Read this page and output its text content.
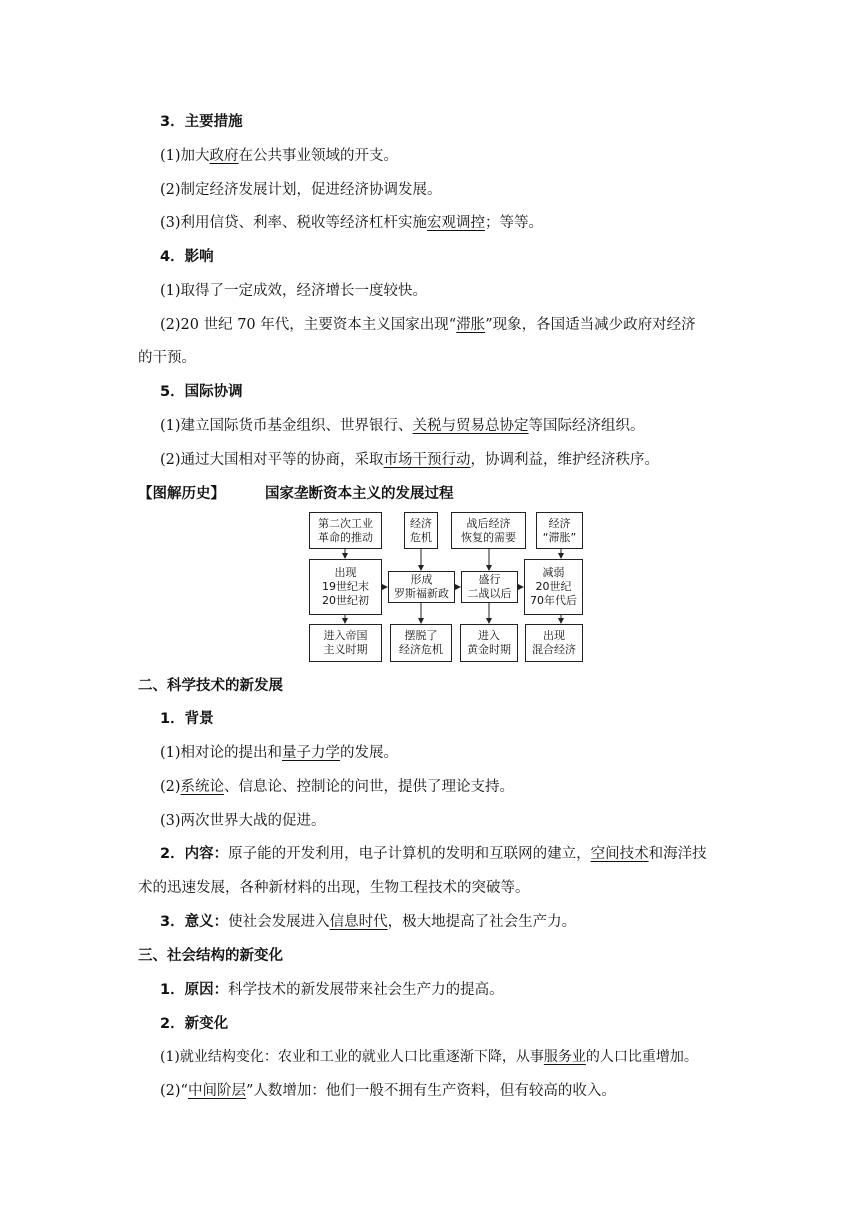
3．主要措施
(1)加大政府在公共事业领域的开支。
(2)制定经济发展计划，促进经济协调发展。
(3)利用信贷、利率、税收等经济杠杆实施宏观调控；等等。
4．影响
(1)取得了一定成效，经济增长一度较快。
(2)20 世纪 70 年代，主要资本主义国家出现“滞胀”现象，各国适当减少政府对经济
的干预。
5．国际协调
(1)建立国际货币基金组织、世界银行、关税与贸易总协定等国际经济组织。
(2)通过大国相对平等的协商，采取市场干预行动，协调利益，维护经济秩序。
【图解历史】	国家垄断资本主义的发展过程
第二次工业
革命的推动
出现
19世纪末
20世纪初
进入帝国
主义时期
经济
危机
形成
罗斯福新政
摆脱了
经济危机
战后经济
恢复的需要
盛行
二战以后
进入
黄金时期
经济
“滞胀”
减弱
20世纪
70年代后
出现
混合经济
二、科学技术的新发展
1．背景
(1)相对论的提出和量子力学的发展。
(2)系统论、信息论、控制论的问世，提供了理论支持。
(3)两次世界大战的促进。
2．内容：原子能的开发利用，电子计算机的发明和互联网的建立，空间技术和海洋技
术的迅速发展，各种新材料的出现，生物工程技术的突破等。
3．意义：使社会发展进入信息时代，极大地提高了社会生产力。
三、社会结构的新变化
1．原因：科学技术的新发展带来社会生产力的提高。
2．新变化
(1)就业结构变化：农业和工业的就业人口比重逐渐下降，从事服务业的人口比重增加。
(2)“中间阶层”人数增加：他们一般不拥有生产资料，但有较高的收入。
